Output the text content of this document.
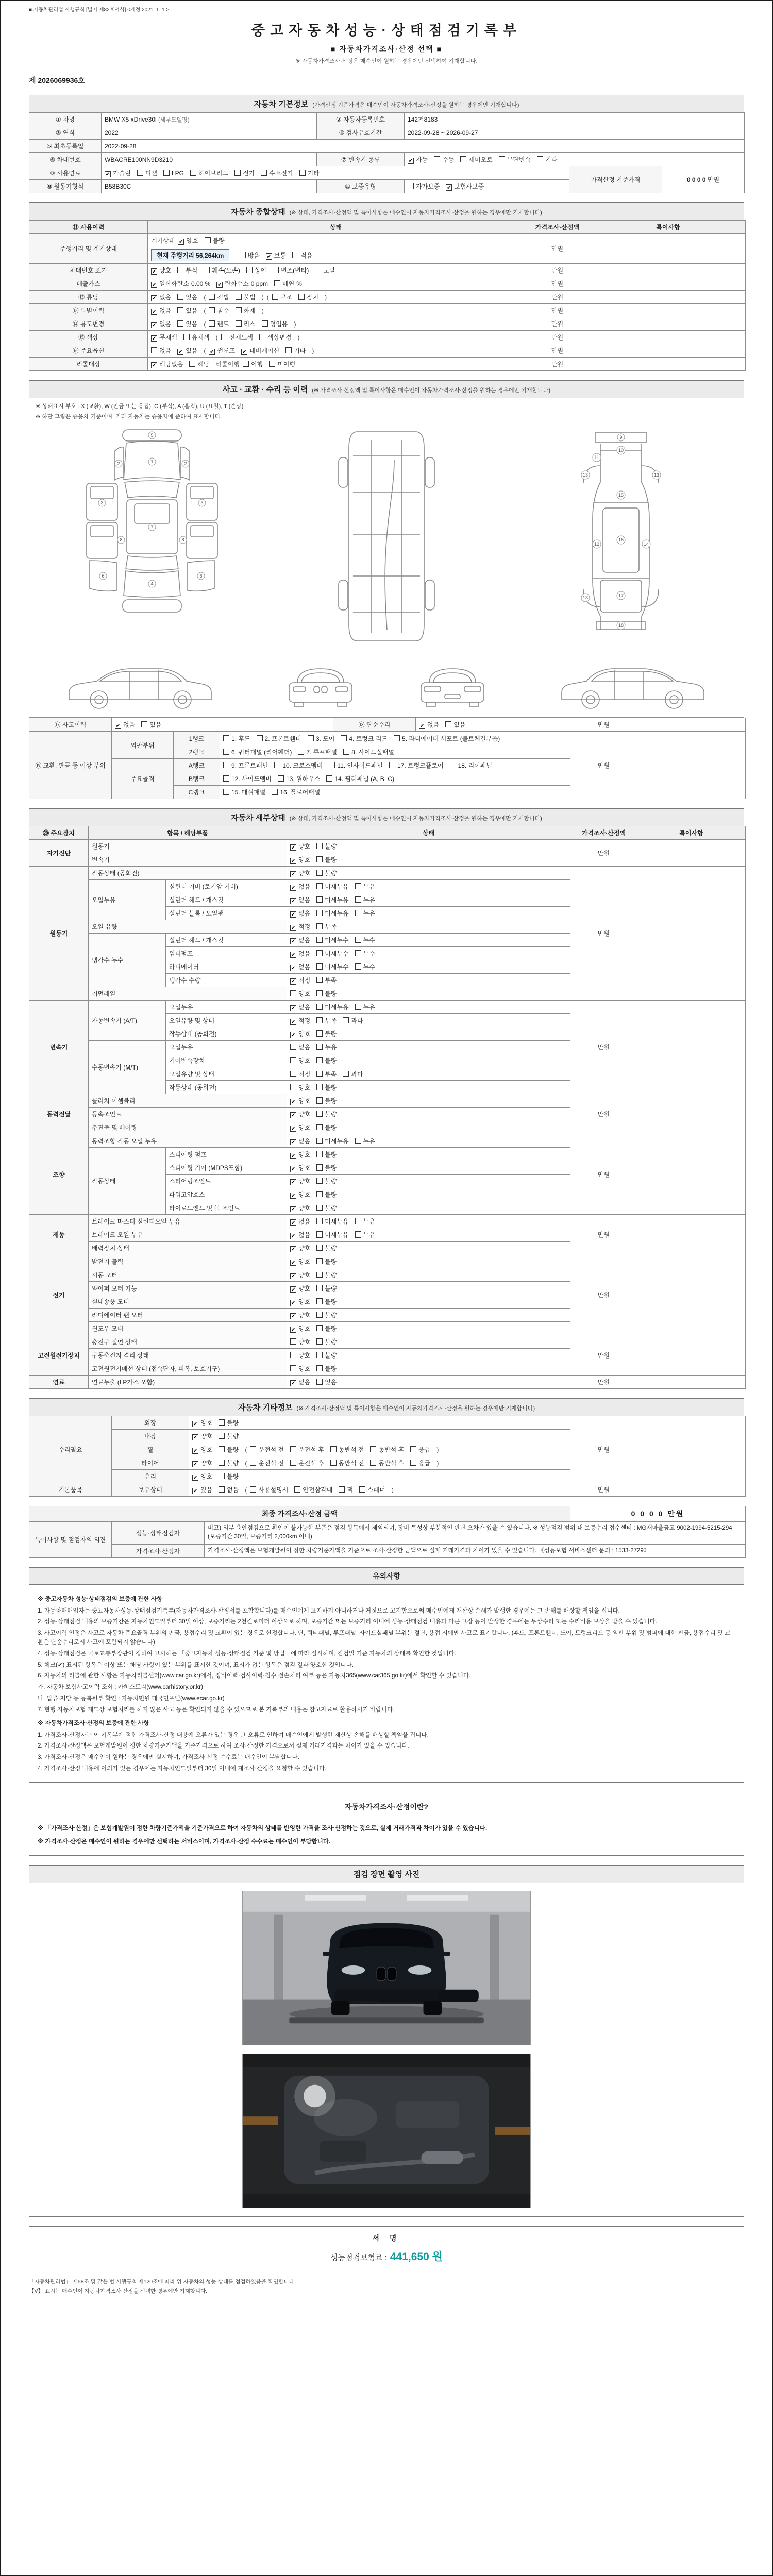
■ 자동차관리법 시행규칙 [별지 제82호서식] <개정 2021. 1. 1.>
중고자동차성능·상태점검기록부
■ 자동차가격조사·산정 선택 ■
※ 자동차가격조사·산정은 매수인이 원하는 경우에만 선택하여 기재합니다.
제 2026069936호
자동차 기본정보 (가격산정 기준가격은 매수인이 자동차가격조사·산정을 원하는 경우에만 기재합니다)
① 차명	BMW X5 xDrive30i (세부모델명)	② 자동차등록번호	142거8183		
③ 연식	2022	④ 검사유효기간	2022-09-28 ~ 2026-09-27		
⑤ 최초등록일	2022-09-28				
⑥ 차대번호	WBACRE100NN9D3210	⑦ 변속기 종류	✔ 자동 수동 세미오토 무단변속 기타		
⑧ 사용연료	✔ 가솔린 디젤 LPG 하이브리드 전기 수소전기 기타			가격산정 기준가격	0 0 0 0 만원
⑨ 원동기형식	B58B30C	⑩ 보증유형	자가보증 ✔ 보험사보증		
자동차 종합상태 (※ 상태, 가격조사·산정액 및 특이사항은 매수인이 자동차가격조사·산정을 원하는 경우에만 기재합니다)
⑪ 사용이력	상태	가격조사·산정액	특이사항
주행거리 및 계기상태	계기상태 ✔ 양호 불량	만원	
	현재 주행거리 56,264km 많음 ✔ 보통 적음		
차대번호 표기	✔ 양호 부식 훼손(오손) 상이 변조(변타) 도말	만원	
배출가스	✔ 일산화탄소 0.00 % ✔ 탄화수소 0 ppm 매연 %	만원	
⑫ 튜닝	✔ 없음 있음 ( 적법 불법 ) ( 구조 장치 )	만원	
⑬ 특별이력	✔ 없음 있음 ( 침수 화재 )	만원	
⑭ 용도변경	✔ 없음 있음 ( 렌트 리스 영업용 )	만원	
⑮ 색상	✔ 무채색 유채색 ( 전체도색 색상변경 )	만원	
⑯ 주요옵션	없음 ✔ 있음 ( ✔ 썬루프 ✔ 네비게이션 기타 )	만원	
리콜대상	✔ 해당없음 해당 리콜이행 이행 미이행	만원	
사고 · 교환 · 수리 등 이력 (※ 가격조사·산정액 및 특이사항은 매수인이 자동차가격조사·산정을 원하는 경우에만 기재합니다)
※ 상태표시 부호 : X (교환), W (판금 또는 용접), C (부식), A (흠집), U (요철), T (손상)
※ 하단 그림은 승용차 기준이며, 기타 자동차는 승용차에 준하여 표시합니다.
5
1
2	2
3	3
7
8	8
6	6
4
9
10
11
13	13
15
12	14
16
13	17
18
⑰ 사고이력	✔ 없음 있음	⑱ 단순수리	✔ 없음 있음	만원	
⑲ 교환, 판금 등 이상 부위	외판부위	1랭크	1. 후드 2. 프론트휀더 3. 도어 4. 트렁크 리드 5. 라디에이터 서포트 (볼트체결부품)	만원	
		2랭크	6. 쿼터패널 (리어휀더) 7. 루프패널 8. 사이드실패널		
	주요골격	A랭크	9. 프론트패널 10. 크로스멤버 11. 인사이드패널 17. 트렁크플로어 18. 리어패널		
		B랭크	12. 사이드멤버 13. 휠하우스 14. 필러패널 (A, B, C)		
		C랭크	15. 대쉬패널 16. 플로어패널		
자동차 세부상태 (※ 상태, 가격조사·산정액 및 특이사항은 매수인이 자동차가격조사·산정을 원하는 경우에만 기재합니다)
⑳ 주요장치	항목 / 해당부품		상태	가격조사·산정액	특이사항
자기진단	원동기		✔ 양호 불량	만원	
	변속기		✔ 양호 불량		
원동기	작동상태 (공회전)		✔ 양호 불량	만원	
	오일누유	실린더 커버 (로커암 커버)	✔ 없음 미세누유 누유		
		실린더 헤드 / 개스킷	✔ 없음 미세누유 누유		
		실린더 블록 / 오일팬	✔ 없음 미세누유 누유		
	오일 유량		✔ 적정 부족		
	냉각수 누수	실린더 헤드 / 개스킷	✔ 없음 미세누수 누수		
		워터펌프	✔ 없음 미세누수 누수		
		라디에이터	✔ 없음 미세누수 누수		
		냉각수 수량	✔ 적정 부족		
	커먼레일		양호 불량		
변속기	자동변속기 (A/T)	오일누유	✔ 없음 미세누유 누유	만원	
		오일유량 및 상태	✔ 적정 부족 과다		
		작동상태 (공회전)	✔ 양호 불량		
	수동변속기 (M/T)	오일누유	없음 누유		
		기어변속장치	양호 불량		
		오일유량 및 상태	적정 부족 과다		
		작동상태 (공회전)	양호 불량		
동력전달	클러치 어셈블리		✔ 양호 불량	만원	
	등속조인트		✔ 양호 불량		
	추진축 및 베어링		✔ 양호 불량		
조향	동력조향 작동 오일 누유		✔ 없음 미세누유 누유	만원	
	작동상태	스티어링 펌프	✔ 양호 불량		
		스티어링 기어 (MDPS포함)	✔ 양호 불량		
		스티어링조인트	✔ 양호 불량		
		파워고압호스	✔ 양호 불량		
		타이로드엔드 및 볼 조인트	✔ 양호 불량		
제동	브레이크 마스터 실린더오일 누유		✔ 없음 미세누유 누유	만원	
	브레이크 오일 누유		✔ 없음 미세누유 누유		
	배력장치 상태		✔ 양호 불량		
전기	발전기 출력		✔ 양호 불량	만원	
	시동 모터		✔ 양호 불량		
	와이퍼 모터 기능		✔ 양호 불량		
	실내송풍 모터		✔ 양호 불량		
	라디에이터 팬 모터		✔ 양호 불량		
	윈도우 모터		✔ 양호 불량		
고전원전기장치	충전구 절연 상태		양호 불량	만원	
	구동축전지 격리 상태		양호 불량		
	고전원전기배선 상태 (접속단자, 피복, 보호기구)		양호 불량		
연료	연료누출 (LP가스 포함)		✔ 없음 있음	만원	
자동차 기타정보 (※ 가격조사·산정액 및 특이사항은 매수인이 자동차가격조사·산정을 원하는 경우에만 기재합니다)
수리필요	외장	✔ 양호 불량	만원	
	내장	✔ 양호 불량		
	휠	✔ 양호 불량 ( 운전석 전 운전석 후 동반석 전 동반석 후 응급 )		
	타이어	✔ 양호 불량 ( 운전석 전 운전석 후 동반석 전 동반석 후 응급 )		
	유리	✔ 양호 불량		
기본품목	보유상태	✔ 있음 없음 ( 사용설명서 안전삼각대 잭 스패너 )	만원	
최종 가격조사·산정 금액	0 0 0 0 만원
특이사항 및 점검자의 의견	성능·상태점검자	비고) 외부 육안점검으로 확인이 불가능한 부품은 점검 항목에서 제외되며, 장비 특성상 부분적인 판단 오차가 있을 수 있습니다. ※ 성능점검 범위 내 보증수리 접수센터 : MG새마을금고 9002-1994-5215-294 (보증기간 30일, 보증거리 2,000km 이내)
	가격조사·산정자	가격조사·산정액은 보험개발원이 정한 차량기준가액을 기준으로 조사·산정한 금액으로 실제 거래가격과 차이가 있을 수 있습니다. 《성능보험 서비스센터 문의 : 1533-2729》
유의사항
※ 중고자동차 성능·상태점검의 보증에 관한 사항
1. 자동차매매업자는 중고자동차성능·상태점검기록부(자동차가격조사·산정서를 포함합니다)를 매수인에게 고지하지 아니하거나 거짓으로 고지함으로써 매수인에게 재산상 손해가 발생한 경우에는 그 손해를 배상할 책임을 집니다.
2. 성능·상태점검 내용의 보증기간은 자동차인도일부터 30일 이상, 보증거리는 2천킬로미터 이상으로 하며, 보증기간 또는 보증거리 이내에 성능·상태점검 내용과 다른 고장 등이 발생한 경우에는 무상수리 또는 수리비용 보상을 받을 수 있습니다.
3. 사고이력 인정은 사고로 자동차 주요골격 부위의 판금, 용접수리 및 교환이 있는 경우로 한정합니다. 단, 쿼터패널, 루프패널, 사이드실패널 부위는 절단, 용접 시에만 사고로 표기합니다. (후드, 프론트휀더, 도어, 트렁크리드 등 외판 부위 및 범퍼에 대한 판금, 용접수리 및 교환은 단순수리로서 사고에 포함되지 않습니다)
4. 성능·상태점검은 국토교통부장관이 정하여 고시하는 「중고자동차 성능·상태점검 기준 및 방법」에 따라 실시하며, 점검일 기준 자동차의 상태를 확인한 것입니다.
5. 체크(✔) 표시된 항목은 이상 또는 해당 사항이 있는 부위를 표시한 것이며, 표시가 없는 항목은 점검 결과 양호한 것입니다.
6. 자동차의 리콜에 관한 사항은 자동차리콜센터(www.car.go.kr)에서, 정비이력·검사이력·침수 전손처리 여부 등은 자동차365(www.car365.go.kr)에서 확인할 수 있습니다.
가. 자동차 보험사고이력 조회 : 카히스토리(www.carhistory.or.kr)
나. 압류·저당 등 등록원부 확인 : 자동차민원 대국민포털(www.ecar.go.kr)
7. 현행 자동차보험 제도상 보험처리를 하지 않은 사고 등은 확인되지 않을 수 있으므로 본 기록부의 내용은 참고자료로 활용하시기 바랍니다.
※ 자동차가격조사·산정의 보증에 관한 사항
1. 가격조사·산정자는 이 기록부에 적힌 가격조사·산정 내용에 오류가 있는 경우 그 오류로 인하여 매수인에게 발생한 재산상 손해를 배상할 책임을 집니다.
2. 가격조사·산정액은 보험개발원이 정한 차량기준가액을 기준가격으로 하여 조사·산정한 가격으로서 실제 거래가격과는 차이가 있을 수 있습니다.
3. 가격조사·산정은 매수인이 원하는 경우에만 실시하며, 가격조사·산정 수수료는 매수인이 부담합니다.
4. 가격조사·산정 내용에 이의가 있는 경우에는 자동차인도일부터 30일 이내에 재조사·산정을 요청할 수 있습니다.
자동차가격조사·산정이란?
※ 「가격조사·산정」은 보험개발원이 정한 차량기준가액을 기준가격으로 하여 자동차의 상태를 반영한 가격을 조사·산정하는 것으로, 실제 거래가격과 차이가 있을 수 있습니다.
※ 가격조사·산정은 매수인이 원하는 경우에만 선택하는 서비스이며, 가격조사·산정 수수료는 매수인이 부담합니다.
점검 장면 촬영 사진
서 명
성능점검보험료 : 441,650 원
「자동차관리법」 제58조 및 같은 법 시행규칙 제120조에 따라 위 자동차의 성능·상태를 점검하였음을 확인합니다.
【V】 표시는 매수인이 자동차가격조사·산정을 선택한 경우에만 기재합니다.
